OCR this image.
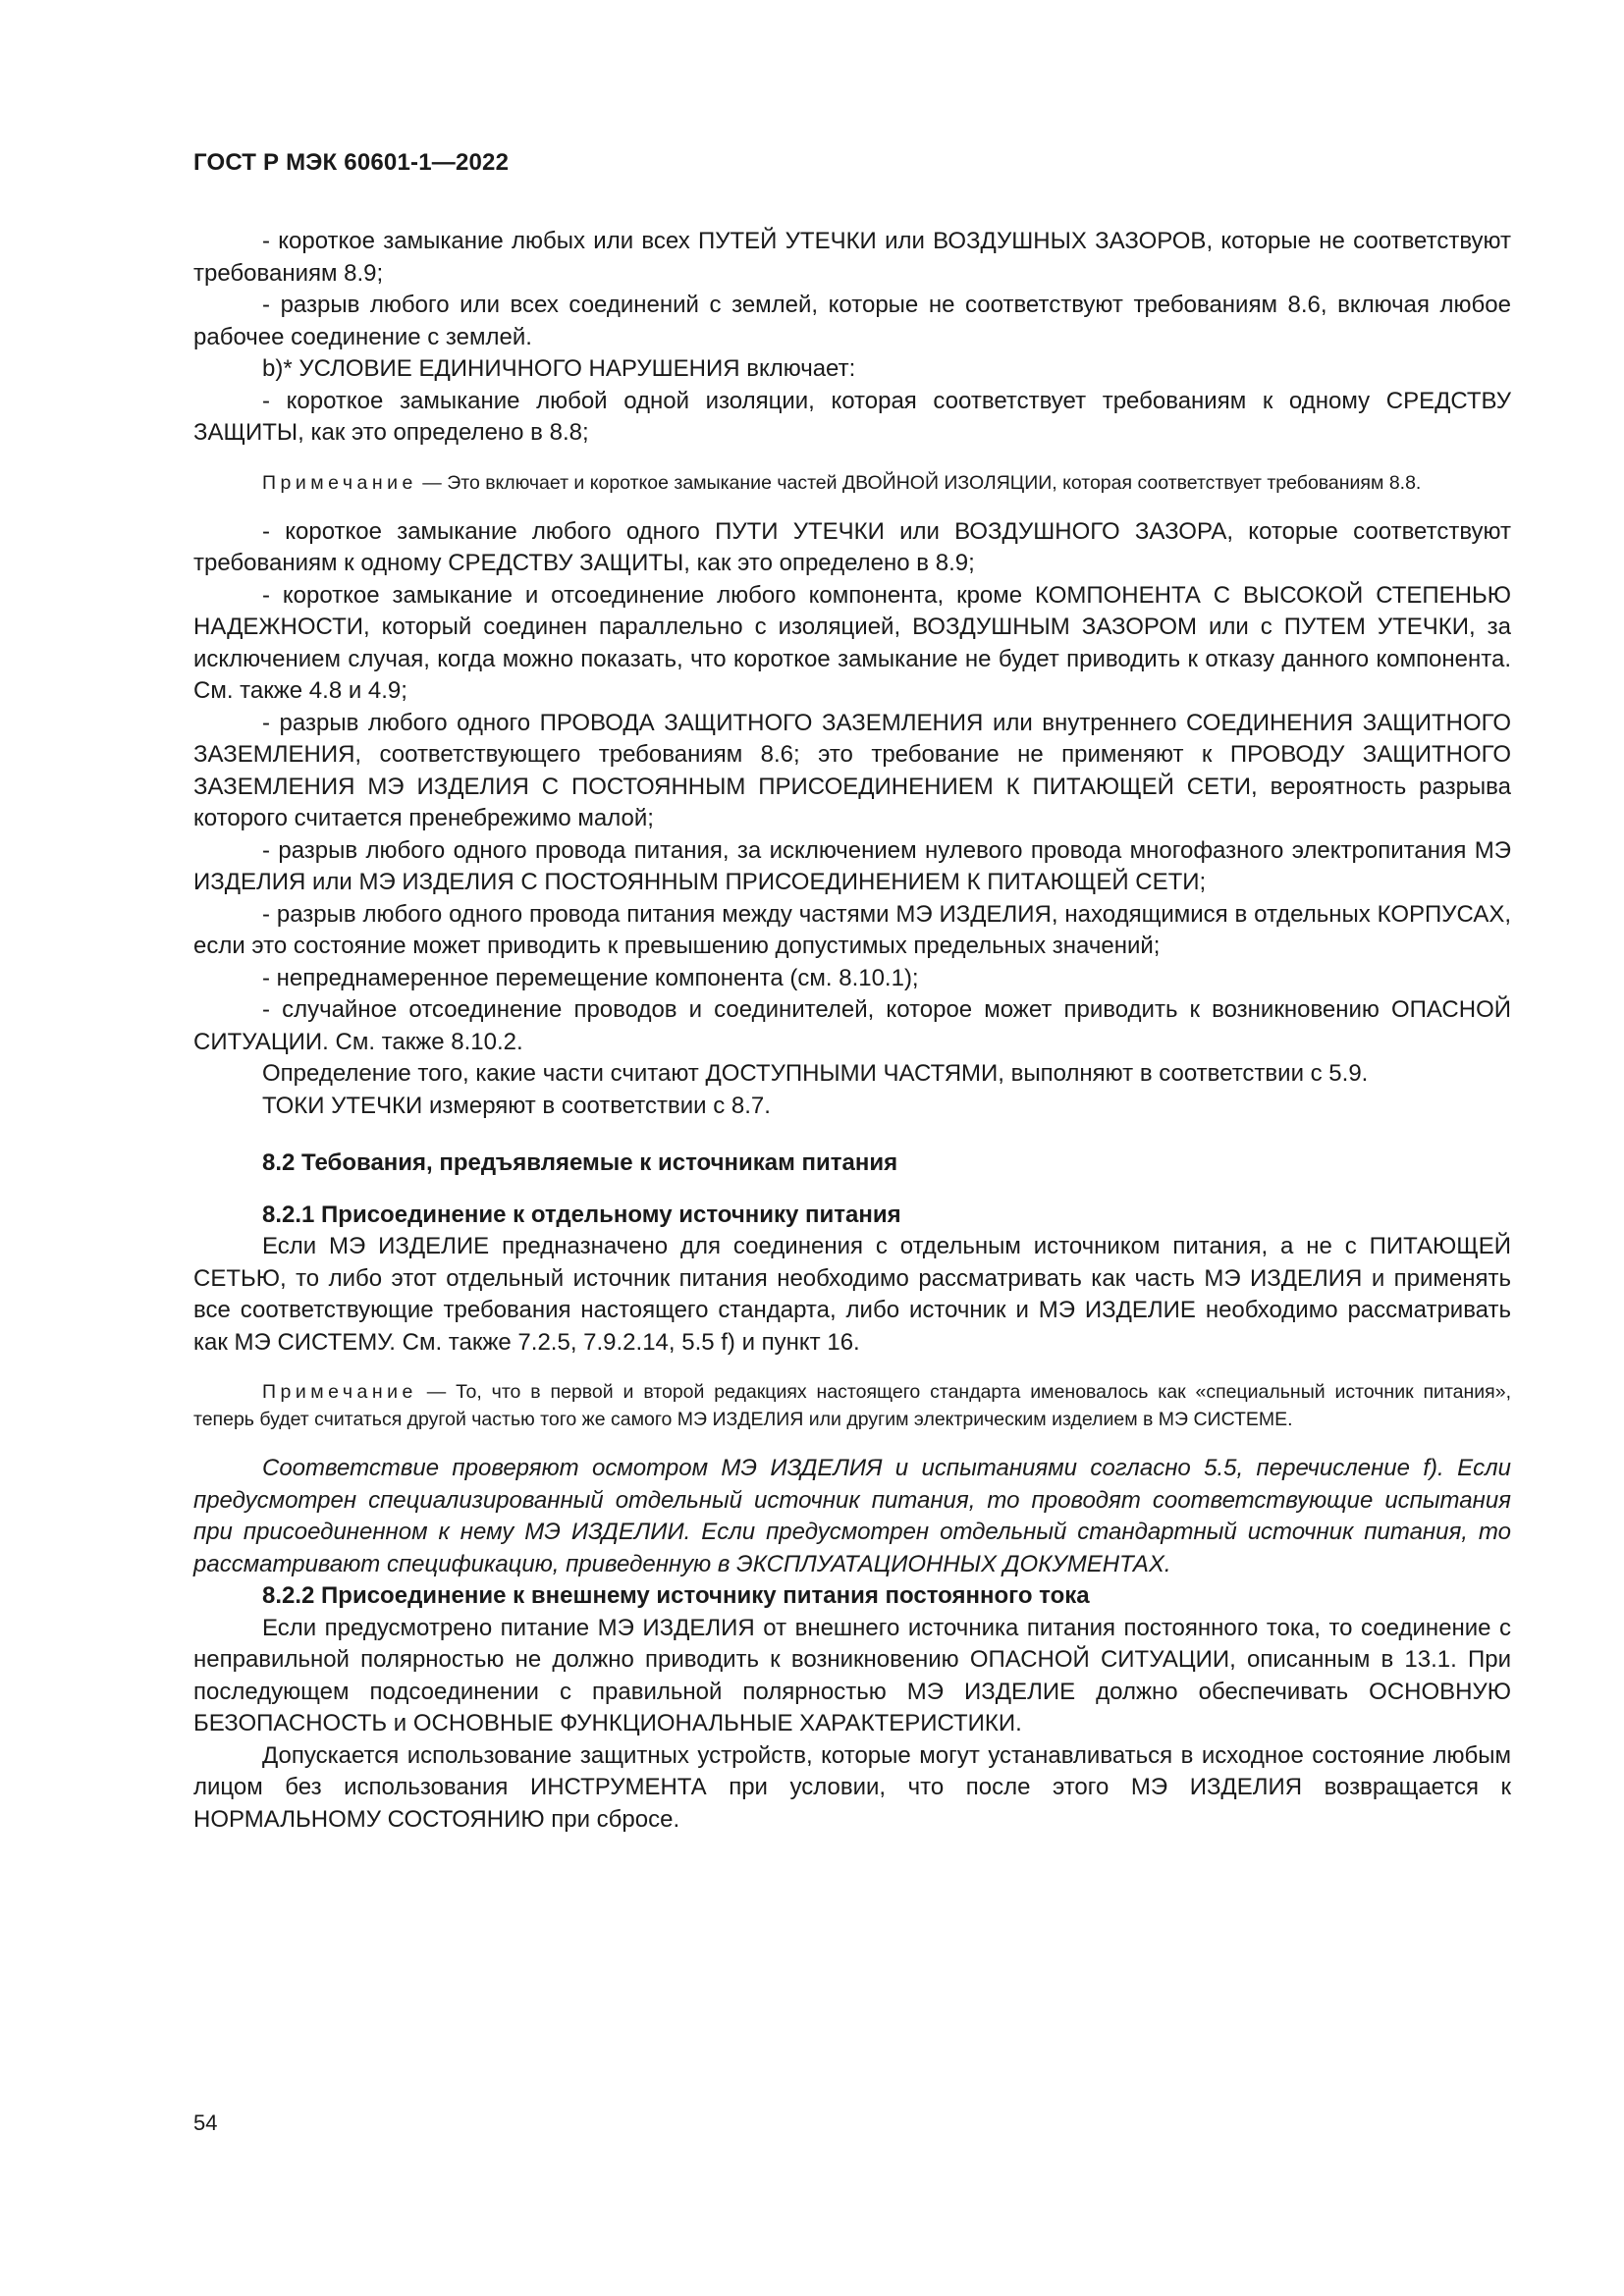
ГОСТ Р МЭК 60601-1—2022

- короткое замыкание любых или всех ПУТЕЙ УТЕЧКИ или ВОЗДУШНЫХ ЗАЗОРОВ, которые не соответствуют требованиям 8.9;

- разрыв любого или всех соединений с землей, которые не соответствуют требованиям 8.6, включая любое рабочее соединение с землей.

b)* УСЛОВИЕ ЕДИНИЧНОГО НАРУШЕНИЯ включает:

- короткое замыкание любой одной изоляции, которая соответствует требованиям к одному СРЕДСТВУ ЗАЩИТЫ, как это определено в 8.8;

Примечание — Это включает и короткое замыкание частей ДВОЙНОЙ ИЗОЛЯЦИИ, которая соответствует требованиям 8.8.

- короткое замыкание любого одного ПУТИ УТЕЧКИ или ВОЗДУШНОГО ЗАЗОРА, которые соответствуют требованиям к одному СРЕДСТВУ ЗАЩИТЫ, как это определено в 8.9;

- короткое замыкание и отсоединение любого компонента, кроме КОМПОНЕНТА С ВЫСОКОЙ СТЕПЕНЬЮ НАДЕЖНОСТИ, который соединен параллельно с изоляцией, ВОЗДУШНЫМ ЗАЗОРОМ или с ПУТЕМ УТЕЧКИ, за исключением случая, когда можно показать, что короткое замыкание не будет приводить к отказу данного компонента. См. также 4.8 и 4.9;

- разрыв любого одного ПРОВОДА ЗАЩИТНОГО ЗАЗЕМЛЕНИЯ или внутреннего СОЕДИНЕНИЯ ЗАЩИТНОГО ЗАЗЕМЛЕНИЯ, соответствующего требованиям 8.6; это требование не применяют к ПРОВОДУ ЗАЩИТНОГО ЗАЗЕМЛЕНИЯ МЭ ИЗДЕЛИЯ С ПОСТОЯННЫМ ПРИСОЕДИНЕНИЕМ К ПИТАЮЩЕЙ СЕТИ, вероятность разрыва которого считается пренебрежимо малой;

- разрыв любого одного провода питания, за исключением нулевого провода многофазного электропитания МЭ ИЗДЕЛИЯ или МЭ ИЗДЕЛИЯ С ПОСТОЯННЫМ ПРИСОЕДИНЕНИЕМ К ПИТАЮЩЕЙ СЕТИ;

- разрыв любого одного провода питания между частями МЭ ИЗДЕЛИЯ, находящимися в отдельных КОРПУСАХ, если это состояние может приводить к превышению допустимых предельных значений;

- непреднамеренное перемещение компонента (см. 8.10.1);

- случайное отсоединение проводов и соединителей, которое может приводить к возникновению ОПАСНОЙ СИТУАЦИИ. См. также 8.10.2.

Определение того, какие части считают ДОСТУПНЫМИ ЧАСТЯМИ, выполняют в соответствии с 5.9.

ТОКИ УТЕЧКИ измеряют в соответствии с 8.7.

8.2 Тебования, предъявляемые к источникам питания

8.2.1 Присоединение к отдельному источнику питания

Если МЭ ИЗДЕЛИЕ предназначено для соединения с отдельным источником питания, а не с ПИТАЮЩЕЙ СЕТЬЮ, то либо этот отдельный источник питания необходимо рассматривать как часть МЭ ИЗДЕЛИЯ и применять все соответствующие требования настоящего стандарта, либо источник и МЭ ИЗДЕЛИЕ необходимо рассматривать как МЭ СИСТЕМУ. См. также 7.2.5, 7.9.2.14, 5.5 f) и пункт 16.

Примечание — То, что в первой и второй редакциях настоящего стандарта именовалось как «специальный источник питания», теперь будет считаться другой частью того же самого МЭ ИЗДЕЛИЯ или другим электрическим изделием в МЭ СИСТЕМЕ.

Соответствие проверяют осмотром МЭ ИЗДЕЛИЯ и испытаниями согласно 5.5, перечисление f). Если предусмотрен специализированный отдельный источник питания, то проводят соответствующие испытания при присоединенном к нему МЭ ИЗДЕЛИИ. Если предусмотрен отдельный стандартный источник питания, то рассматривают спецификацию, приведенную в ЭКСПЛУАТАЦИОННЫХ ДОКУМЕНТАХ.

8.2.2 Присоединение к внешнему источнику питания постоянного тока

Если предусмотрено питание МЭ ИЗДЕЛИЯ от внешнего источника питания постоянного тока, то соединение с неправильной полярностью не должно приводить к возникновению ОПАСНОЙ СИТУАЦИИ, описанным в 13.1. При последующем подсоединении с правильной полярностью МЭ ИЗДЕЛИЕ должно обеспечивать ОСНОВНУЮ БЕЗОПАСНОСТЬ и ОСНОВНЫЕ ФУНКЦИОНАЛЬНЫЕ ХАРАКТЕРИСТИКИ.

Допускается использование защитных устройств, которые могут устанавливаться в исходное состояние любым лицом без использования ИНСТРУМЕНТА при условии, что после этого МЭ ИЗДЕЛИЯ возвращается к НОРМАЛЬНОМУ СОСТОЯНИЮ при сбросе.

54
